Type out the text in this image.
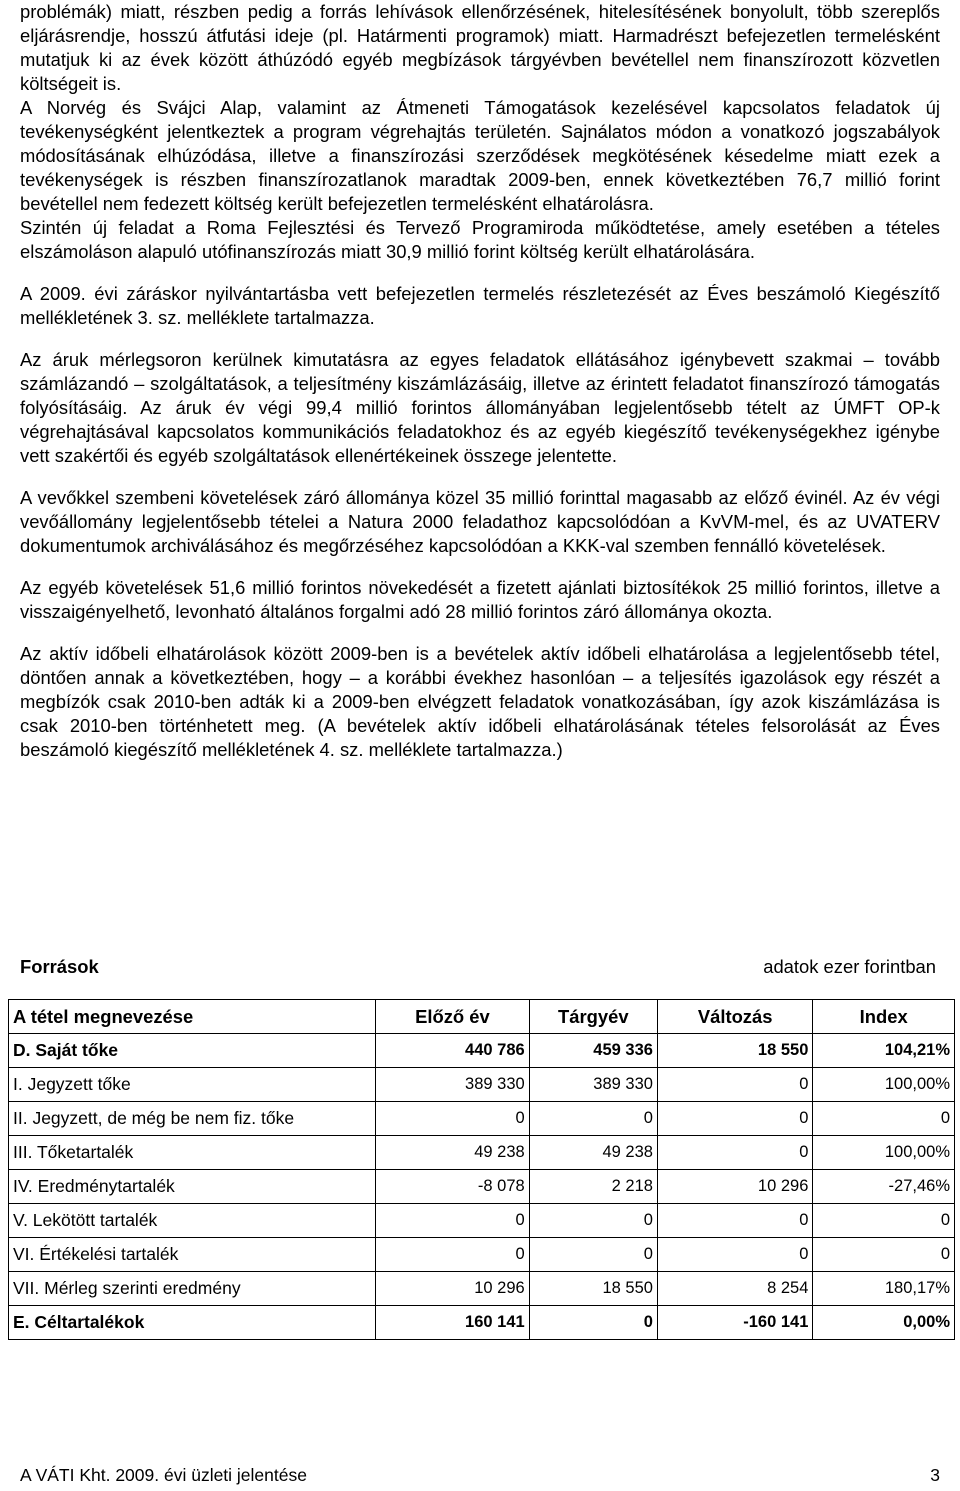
problémák) miatt, részben pedig a forrás lehívások ellenőrzésének, hitelesítésének bonyolult, több szereplős eljárásrendje, hosszú átfutási ideje (pl. Határmenti programok) miatt. Harmadrészt befejezetlen termelésként mutatjuk ki az évek között áthúzódó egyéb megbízások tárgyévben bevétellel nem finanszírozott közvetlen költségeit is.

A Norvég és Svájci Alap, valamint az Átmeneti Támogatások kezelésével kapcsolatos feladatok új tevékenységként jelentkeztek a program végrehajtás területén. Sajnálatos módon a vonatkozó jogszabályok módosításának elhúzódása, illetve a finanszírozási szerződések megkötésének késedelme miatt ezek a tevékenységek is részben finanszírozatlanok maradtak 2009-ben, ennek következtében 76,7 millió forint bevétellel nem fedezett költség került befejezetlen termelésként elhatárolásra.

Szintén új feladat a Roma Fejlesztési és Tervező Programiroda működtetése, amely esetében a tételes elszámoláson alapuló utófinanszírozás miatt 30,9 millió forint költség került elhatárolására.

A 2009. évi záráskor nyilvántartásba vett befejezetlen termelés részletezését az Éves beszámoló Kiegészítő mellékletének 3. sz. melléklete tartalmazza.

Az áruk mérlegsoron kerülnek kimutatásra az egyes feladatok ellátásához igénybevett szakmai – tovább számlázandó – szolgáltatások, a teljesítmény kiszámlázásáig, illetve az érintett feladatot finanszírozó támogatás folyósításáig. Az áruk év végi 99,4 millió forintos állományában legjelentősebb tételt az ÚMFT OP-k végrehajtásával kapcsolatos kommunikációs feladatokhoz és az egyéb kiegészítő tevékenységekhez igénybe vett szakértői és egyéb szolgáltatások ellenértékeinek összege jelentette.

A vevőkkel szembeni követelések záró állománya közel 35 millió forinttal magasabb az előző évinél. Az év végi vevőállomány legjelentősebb tételei a Natura 2000 feladathoz kapcsolódóan a KvVM-mel, és az UVATERV dokumentumok archiválásához és megőrzéséhez kapcsolódóan a KKK-val szemben fennálló követelések.

Az egyéb követelések 51,6 millió forintos növekedését a fizetett ajánlati biztosítékok 25 millió forintos, illetve a visszaigényelhető, levonható általános forgalmi adó 28 millió forintos záró állománya okozta.

Az aktív időbeli elhatárolások között 2009-ben is a bevételek aktív időbeli elhatárolása a legjelentősebb tétel, döntően annak a következtében, hogy – a korábbi évekhez hasonlóan – a teljesítés igazolások egy részét a megbízók csak 2010-ben adták ki a 2009-ben elvégzett feladatok vonatkozásában, így azok kiszámlázása is csak 2010-ben történhetett meg. (A bevételek aktív időbeli elhatárolásának tételes felsorolását az Éves beszámoló kiegészítő mellékletének 4. sz. melléklete tartalmazza.)

Források	adatok ezer forintban
A tétel megnevezése	Előző év	Tárgyév	Változás	Index
D. Saját tőke	440 786	459 336	18 550	104,21%
I. Jegyzett tőke	389 330	389 330	0	100,00%
II. Jegyzett, de még be nem fiz. tőke	0	0	0	0
III. Tőketartalék	49 238	49 238	0	100,00%
IV. Eredménytartalék	-8 078	2 218	10 296	-27,46%
V. Lekötött tartalék	0	0	0	0
VI. Értékelési tartalék	0	0	0	0
VII. Mérleg szerinti eredmény	10 296	18 550	8 254	180,17%
E. Céltartalékok	160 141	0	-160 141	0,00%
A VÁTI Kht. 2009. évi üzleti jelentése	3
